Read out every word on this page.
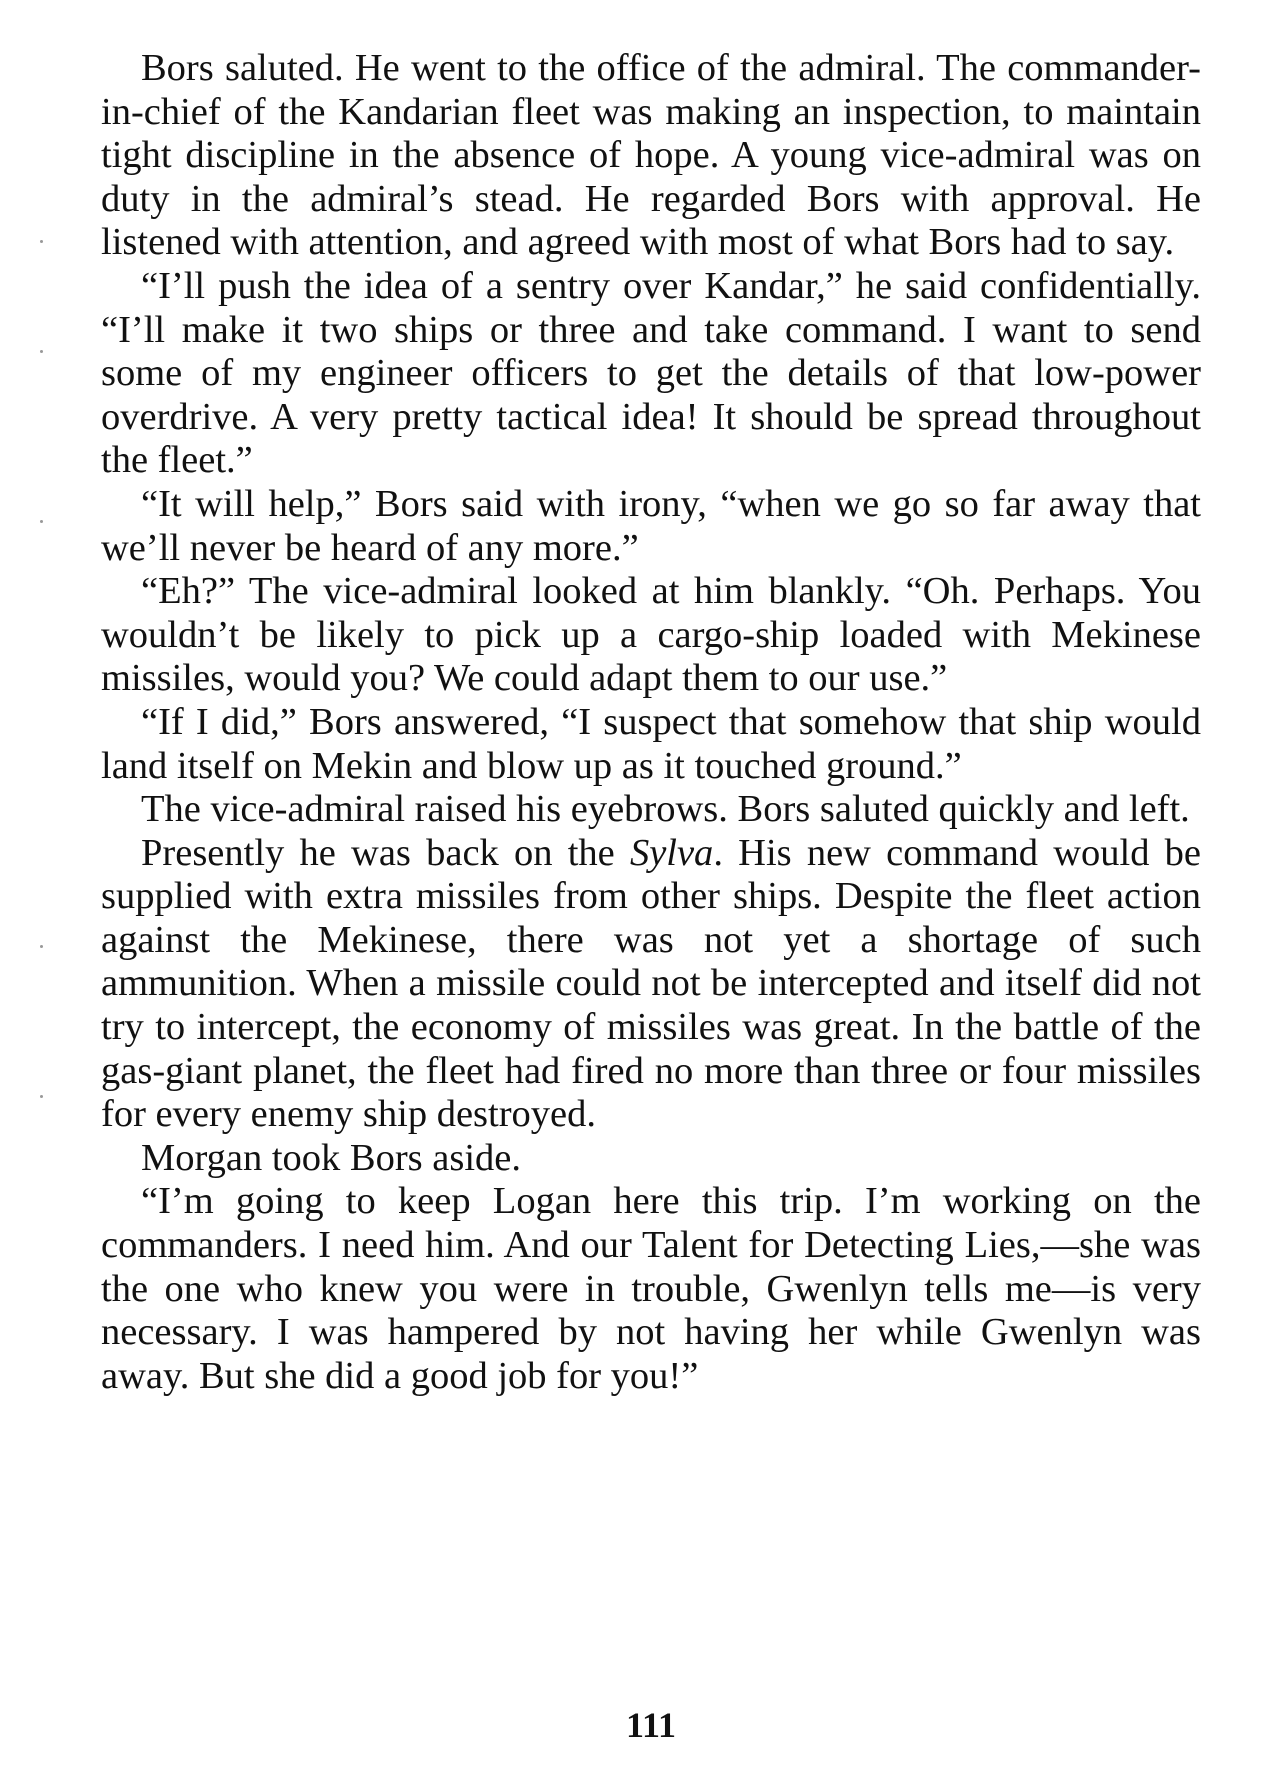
Bors saluted. He went to the office of the admiral. The commander-in-chief of the Kandarian fleet was making an inspection, to maintain tight discipline in the absence of hope. A young vice-admiral was on duty in the admiral’s stead. He regarded Bors with approval. He listened with attention, and agreed with most of what Bors had to say.

“I’ll push the idea of a sentry over Kandar,” he said confidentially. “I’ll make it two ships or three and take command. I want to send some of my engineer officers to get the details of that low-power overdrive. A very pretty tactical idea! It should be spread throughout the fleet.”

“It will help,” Bors said with irony, “when we go so far away that we’ll never be heard of any more.”

“Eh?” The vice-admiral looked at him blankly. “Oh. Perhaps. You wouldn’t be likely to pick up a cargo-ship loaded with Mekinese missiles, would you? We could adapt them to our use.”

“If I did,” Bors answered, “I suspect that somehow that ship would land itself on Mekin and blow up as it touched ground.”

The vice-admiral raised his eyebrows. Bors saluted quickly and left.

Presently he was back on the Sylva. His new command would be supplied with extra missiles from other ships. Despite the fleet action against the Mekinese, there was not yet a shortage of such ammunition. When a missile could not be intercepted and itself did not try to intercept, the economy of missiles was great. In the battle of the gas-giant planet, the fleet had fired no more than three or four missiles for every enemy ship destroyed.

Morgan took Bors aside.

“I’m going to keep Logan here this trip. I’m working on the commanders. I need him. And our Talent for Detecting Lies,—she was the one who knew you were in trouble, Gwenlyn tells me—is very necessary. I was hampered by not having her while Gwenlyn was away. But she did a good job for you!”

111
